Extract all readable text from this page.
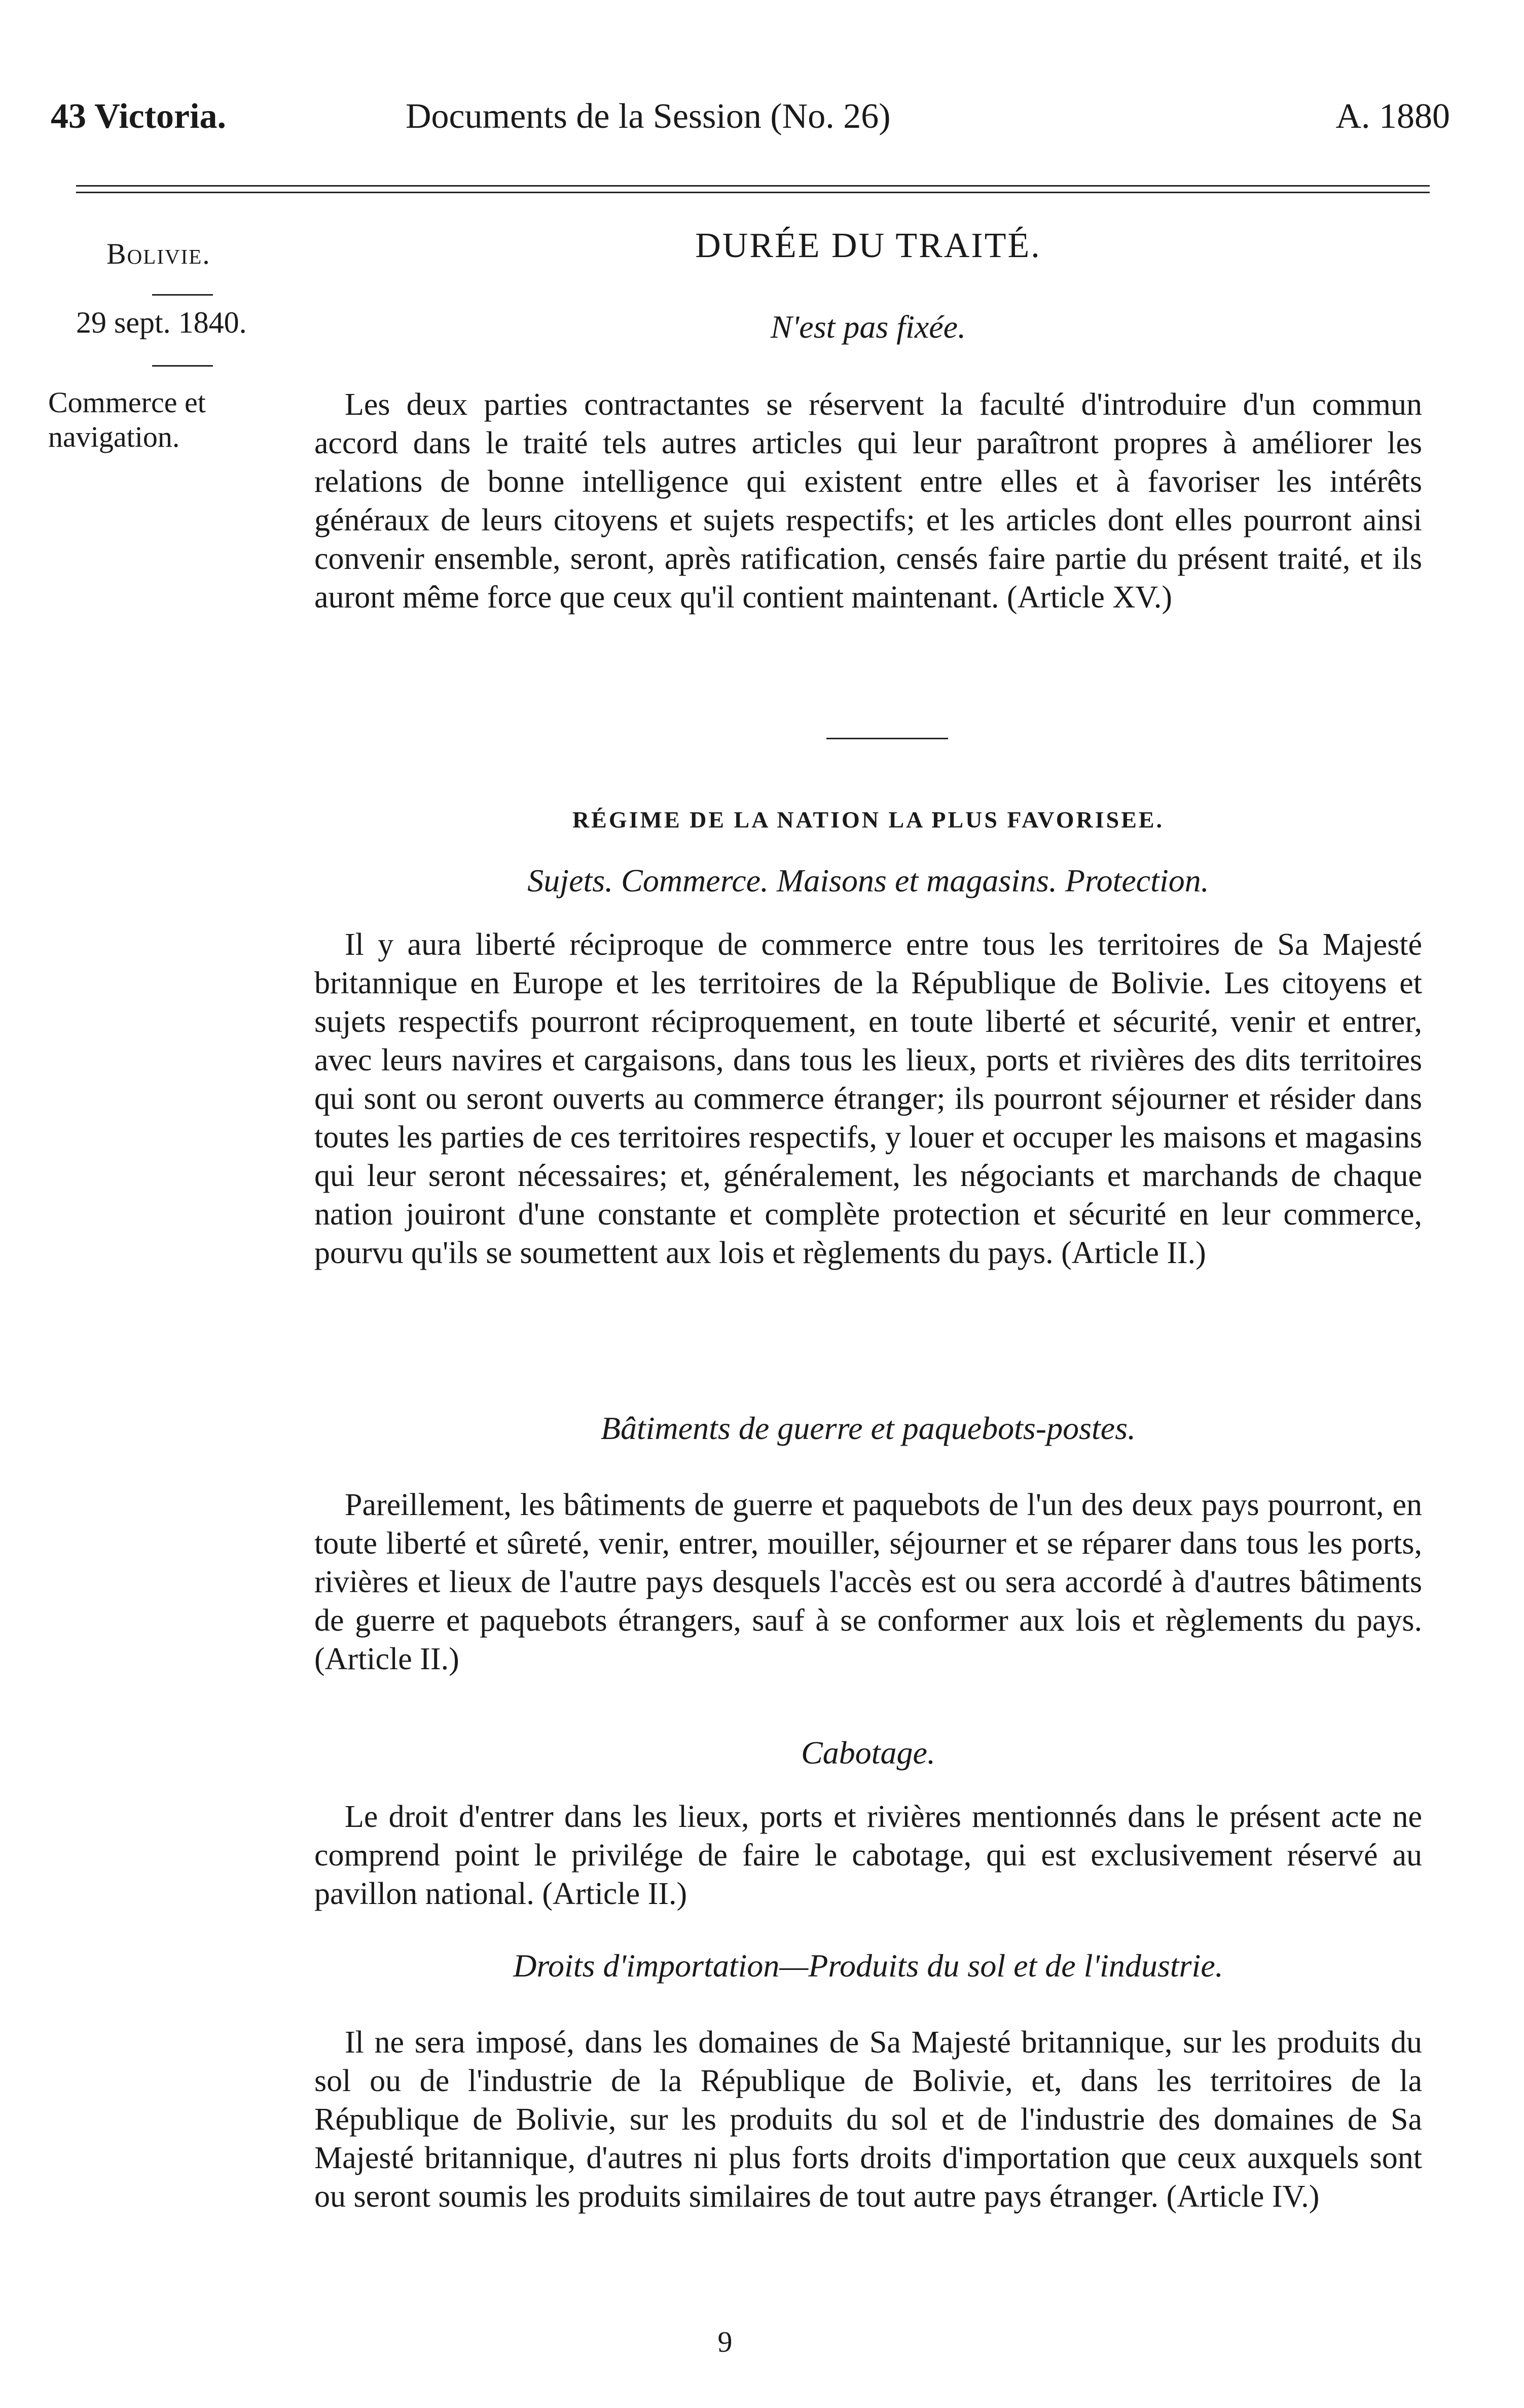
43 Victoria.	Documents de la Session (No. 26)	A. 1880
Bolivie.
29 sept. 1840.
Commerce et navigation.
DURÉE DU TRAITÉ.
N'est pas fixée.

Les deux parties contractantes se réservent la faculté d'introduire d'un commun accord dans le traité tels autres articles qui leur paraîtront propres à améliorer les relations de bonne intelligence qui existent entre elles et à favoriser les intérêts généraux de leurs citoyens et sujets respectifs; et les articles dont elles pourront ainsi convenir ensemble, seront, après ratification, censés faire partie du présent traité, et ils auront même force que ceux qu'il contient maintenant. (Article XV.)

RÉGIME DE LA NATION LA PLUS FAVORISEE.
Sujets. Commerce. Maisons et magasins. Protection.

Il y aura liberté réciproque de commerce entre tous les territoires de Sa Majesté britannique en Europe et les territoires de la République de Bolivie. Les citoyens et sujets respectifs pourront réciproquement, en toute liberté et sécurité, venir et entrer, avec leurs navires et cargaisons, dans tous les lieux, ports et rivières des dits territoires qui sont ou seront ouverts au commerce étranger; ils pourront séjourner et résider dans toutes les parties de ces territoires respectifs, y louer et occuper les maisons et magasins qui leur seront nécessaires; et, généralement, les négociants et marchands de chaque nation jouiront d'une constante et complète protection et sécurité en leur commerce, pourvu qu'ils se soumettent aux lois et règlements du pays. (Article II.)

Bâtiments de guerre et paquebots-postes.

Pareillement, les bâtiments de guerre et paquebots de l'un des deux pays pourront, en toute liberté et sûreté, venir, entrer, mouiller, séjourner et se réparer dans tous les ports, rivières et lieux de l'autre pays desquels l'accès est ou sera accordé à d'autres bâtiments de guerre et paquebots étrangers, sauf à se conformer aux lois et règlements du pays. (Article II.)

Cabotage.

Le droit d'entrer dans les lieux, ports et rivières mentionnés dans le présent acte ne comprend point le privilége de faire le cabotage, qui est exclusivement réservé au pavillon national. (Article II.)

Droits d'importation—Produits du sol et de l'industrie.

Il ne sera imposé, dans les domaines de Sa Majesté britannique, sur les produits du sol ou de l'industrie de la République de Bolivie, et, dans les territoires de la République de Bolivie, sur les produits du sol et de l'industrie des domaines de Sa Majesté britannique, d'autres ni plus forts droits d'importation que ceux auxquels sont ou seront soumis les produits similaires de tout autre pays étranger. (Article IV.)

9
